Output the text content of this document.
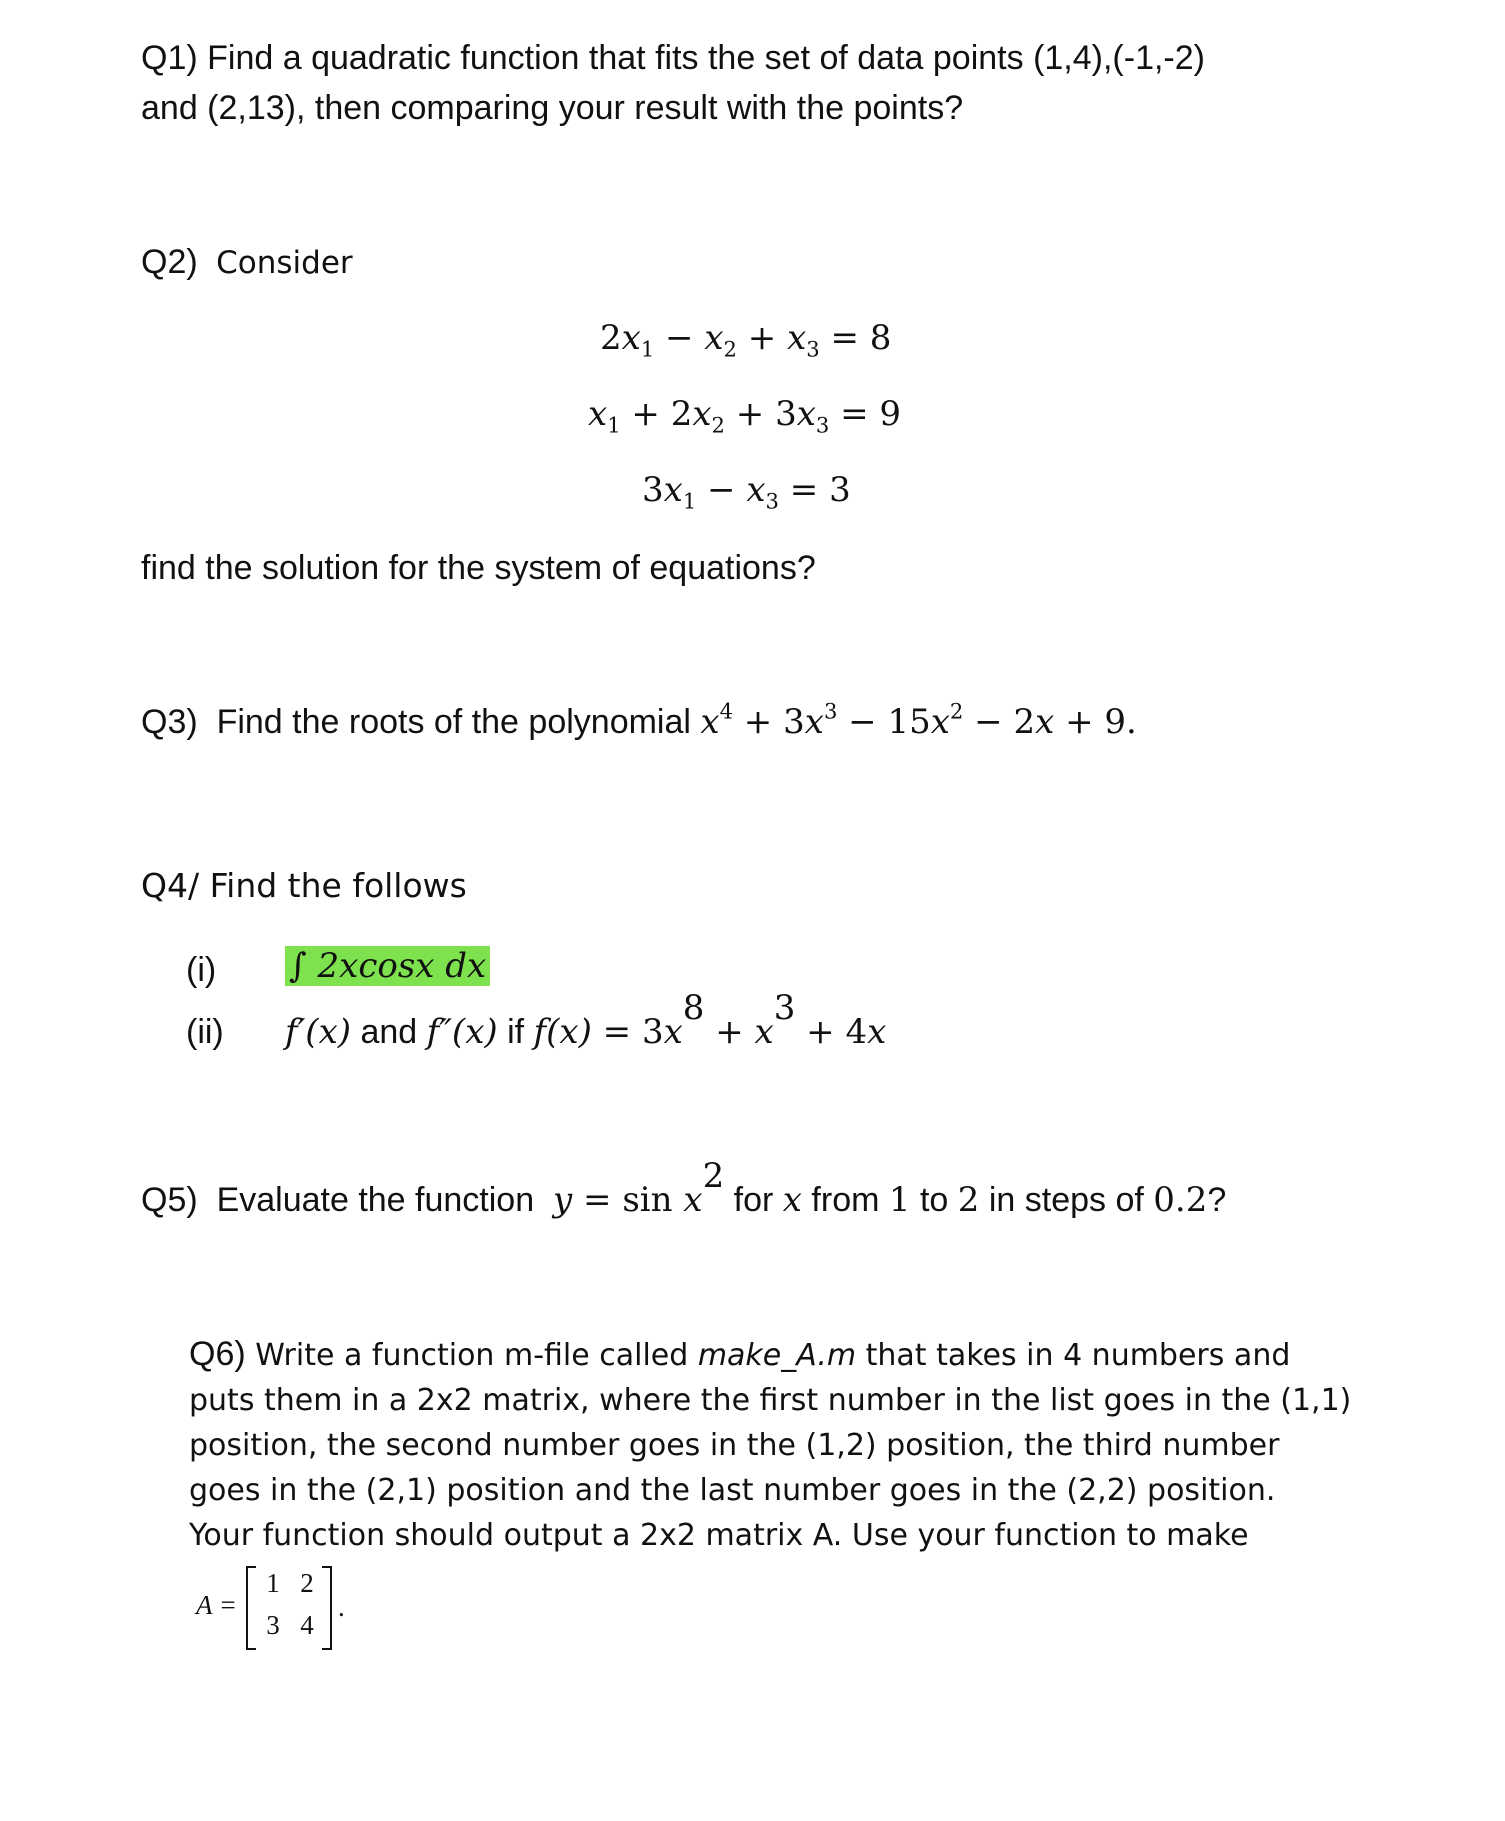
Q1) Find a quadratic function that fits the set of data points (1,4),(-1,-2)
and (2,13), then comparing your result with the points?
Q2) Consider
$2x_1 - x_2 + x_3 = 8$
$x_1 + 2x_2 + 3x_3 = 9$
$3x_1 - x_3 = 3$
find the solution for the system of equations?
Q3)  Find the roots of the polynomial $x^4 + 3x^3 - 15x^2 - 2x + 9$.
Q4/ Find the follows
(i) ∫ 2xcosx dx
(ii) f′(x) and f″(x) if $f(x) = 3x^8 + x^3 + 4x$
Q5)  Evaluate the function  $y = \sin x^2$ for x from 1 to 2 in steps of 0.2?

Q6) Write a function m-file called make_A.m that takes in 4 numbers and

puts them in a 2x2 matrix, where the first number in the list goes in the (1,1)

position, the second number goes in the (1,2) position, the third number

goes in the (2,1) position and the last number goes in the (2,2) position.

Your function should output a 2x2 matrix A. Use your function to make

A =
1 2
3 4
.
